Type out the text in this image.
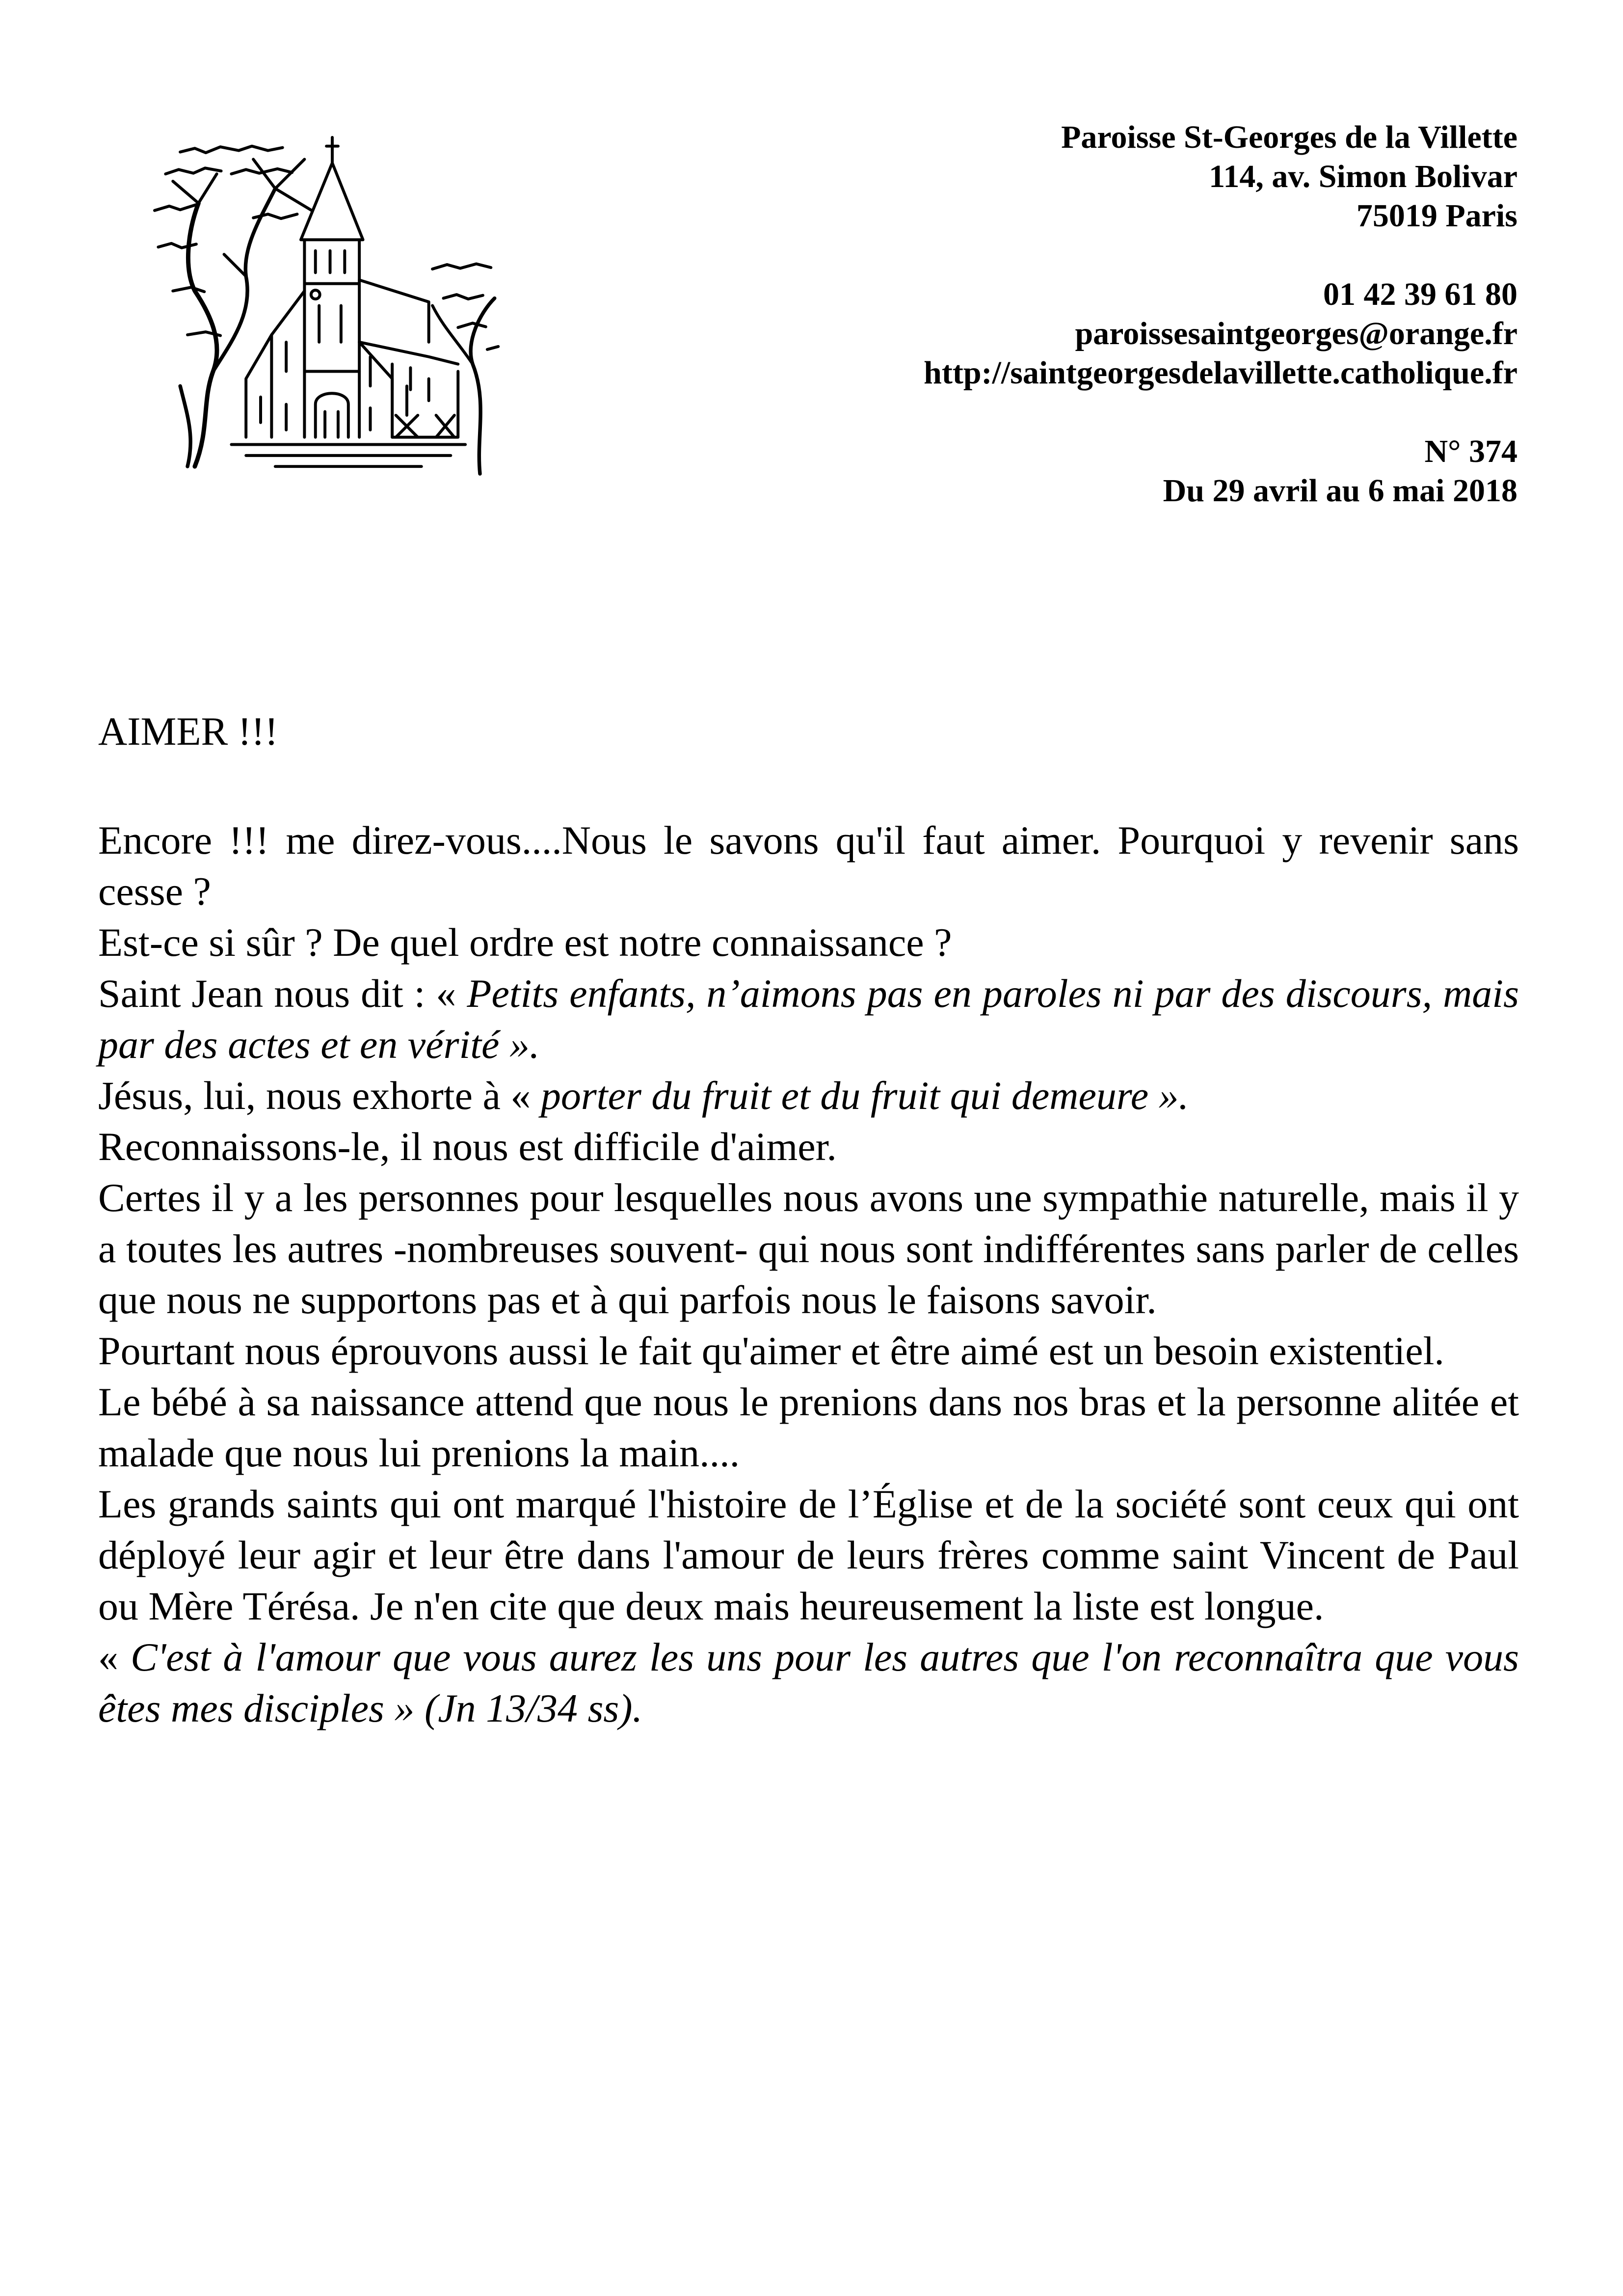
Paroisse St-Georges de la Villette
114, av. Simon Bolivar
75019 Paris
01 42 39 61 80
paroissesaintgeorges@orange.fr
http://saintgeorgesdelavillette.catholique.fr
N° 374
Du 29 avril au 6 mai 2018
AIMER !!!

Encore !!! me direz-vous....Nous le savons qu'il faut aimer. Pourquoi y revenir sans cesse ?

Est-ce si sûr ? De quel ordre est notre connaissance ?

Saint Jean nous dit : « Petits enfants, n’aimons pas en paroles ni par des discours, mais par des actes et en vérité ».

Jésus, lui, nous exhorte à « porter du fruit et du fruit qui demeure ».

Reconnaissons-le, il nous est difficile d'aimer.

Certes il y a les personnes pour lesquelles nous avons une sympathie naturelle, mais il y a toutes les autres -nombreuses souvent- qui nous sont indifférentes sans parler de celles que nous ne supportons pas et à qui parfois nous le faisons savoir.

Pourtant nous éprouvons aussi le fait qu'aimer et être aimé est un besoin existentiel.

Le bébé à sa naissance attend que nous le prenions dans nos bras et la personne alitée et malade que nous lui prenions la main....

Les grands saints qui ont marqué l'histoire de l’Église et de la société sont ceux qui ont déployé leur agir et leur être dans l'amour de leurs frères comme saint Vincent de Paul ou Mère Térésa. Je n'en cite que deux mais heureusement la liste est longue.

« C'est à l'amour que vous aurez les uns pour les autres que l'on reconnaîtra que vous êtes mes disciples » (Jn 13/34 ss).
